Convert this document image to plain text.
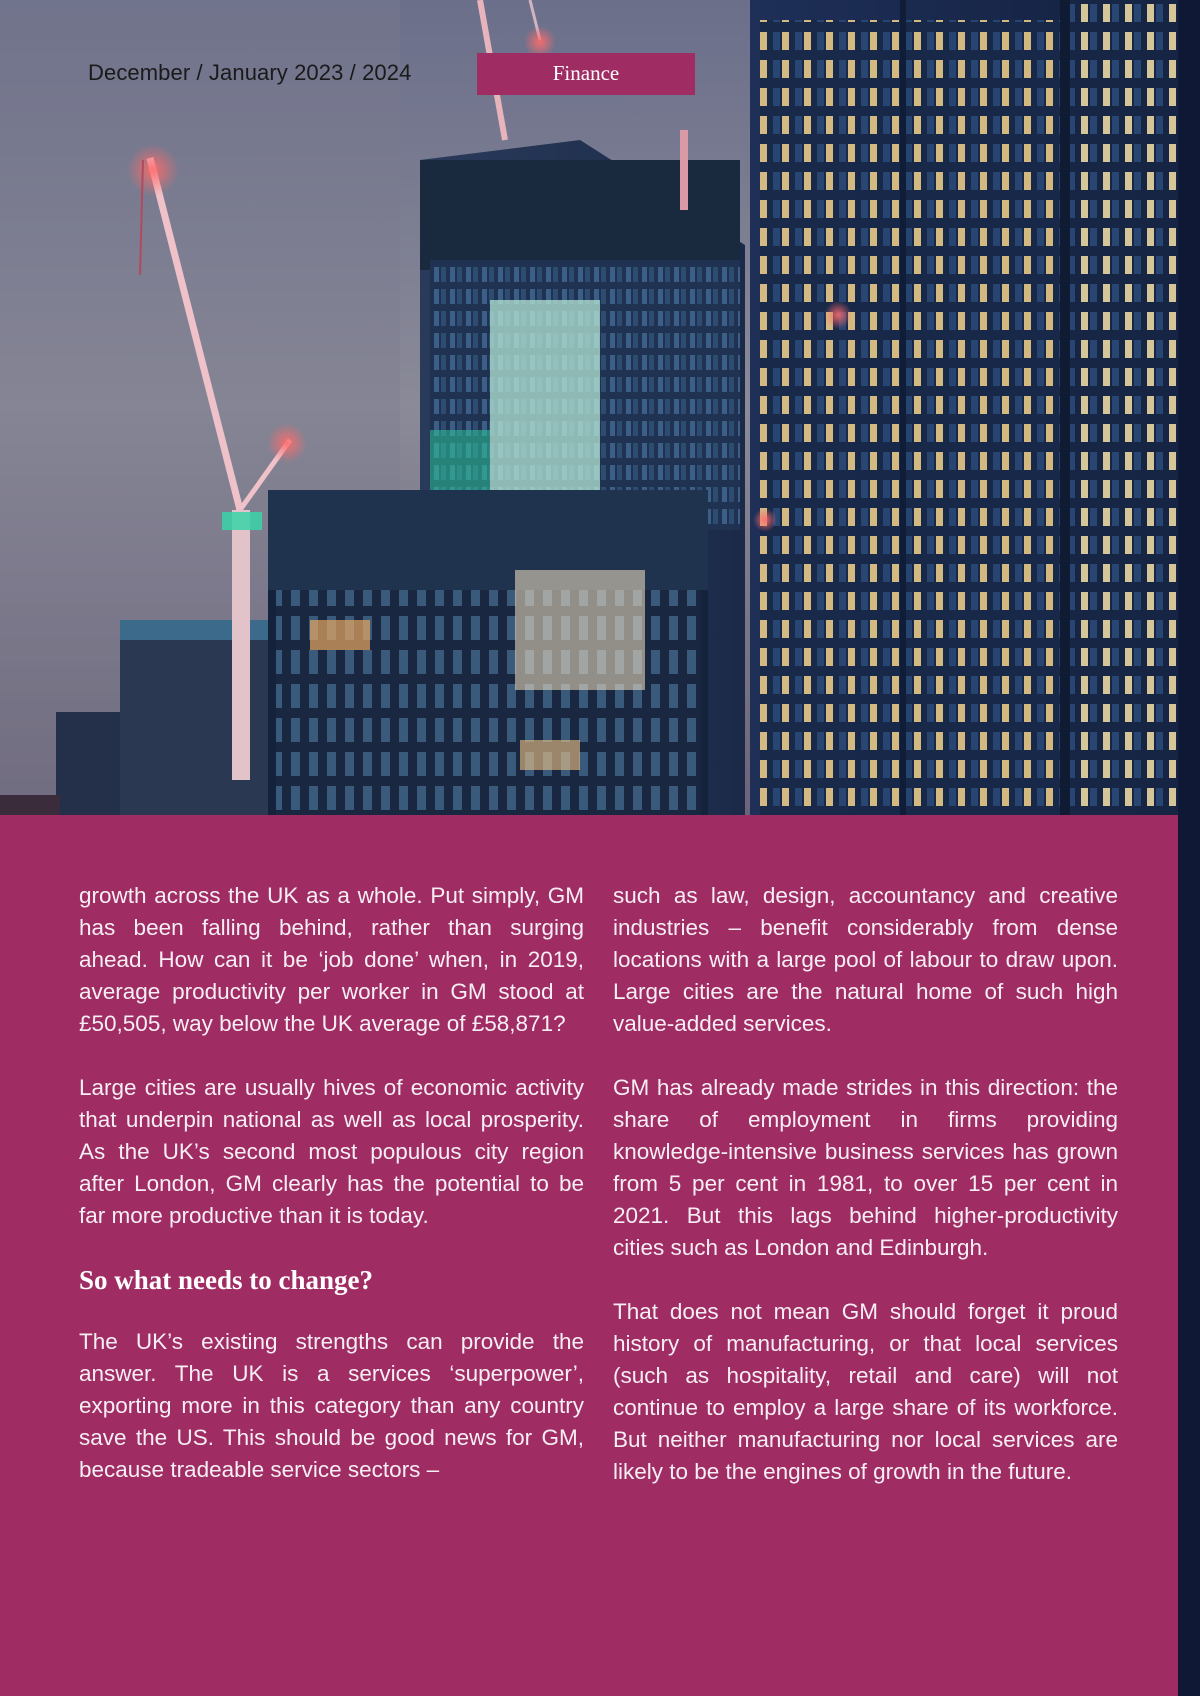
December / January 2023 / 2024	Finance

growth across the UK as a whole. Put simply, GM has been falling behind, rather than surging ahead. How can it be ‘job done’ when, in 2019, average productivity per worker in GM stood at £50,505, way below the UK average of £58,871?

Large cities are usually hives of economic activity that underpin national as well as local prosperity. As the UK’s second most populous city region after London, GM clearly has the potential to be far more productive than it is today.

So what needs to change?

The UK’s existing strengths can provide the answer. The UK is a services ‘superpower’, exporting more in this category than any country save the US. This should be good news for GM, because tradeable service sectors –

such as law, design, accountancy and creative industries – benefit considerably from dense locations with a large pool of labour to draw upon. Large cities are the natural home of such high value-added services.

GM has already made strides in this direction: the share of employment in firms providing knowledge-intensive business services has grown from 5 per cent in 1981, to over 15 per cent in 2021. But this lags behind higher-productivity cities such as London and Edinburgh.

That does not mean GM should forget it proud history of manufacturing, or that local services (such as hospitality, retail and care) will not continue to employ a large share of its workforce. But neither manufacturing nor local services are likely to be the engines of growth in the future.
